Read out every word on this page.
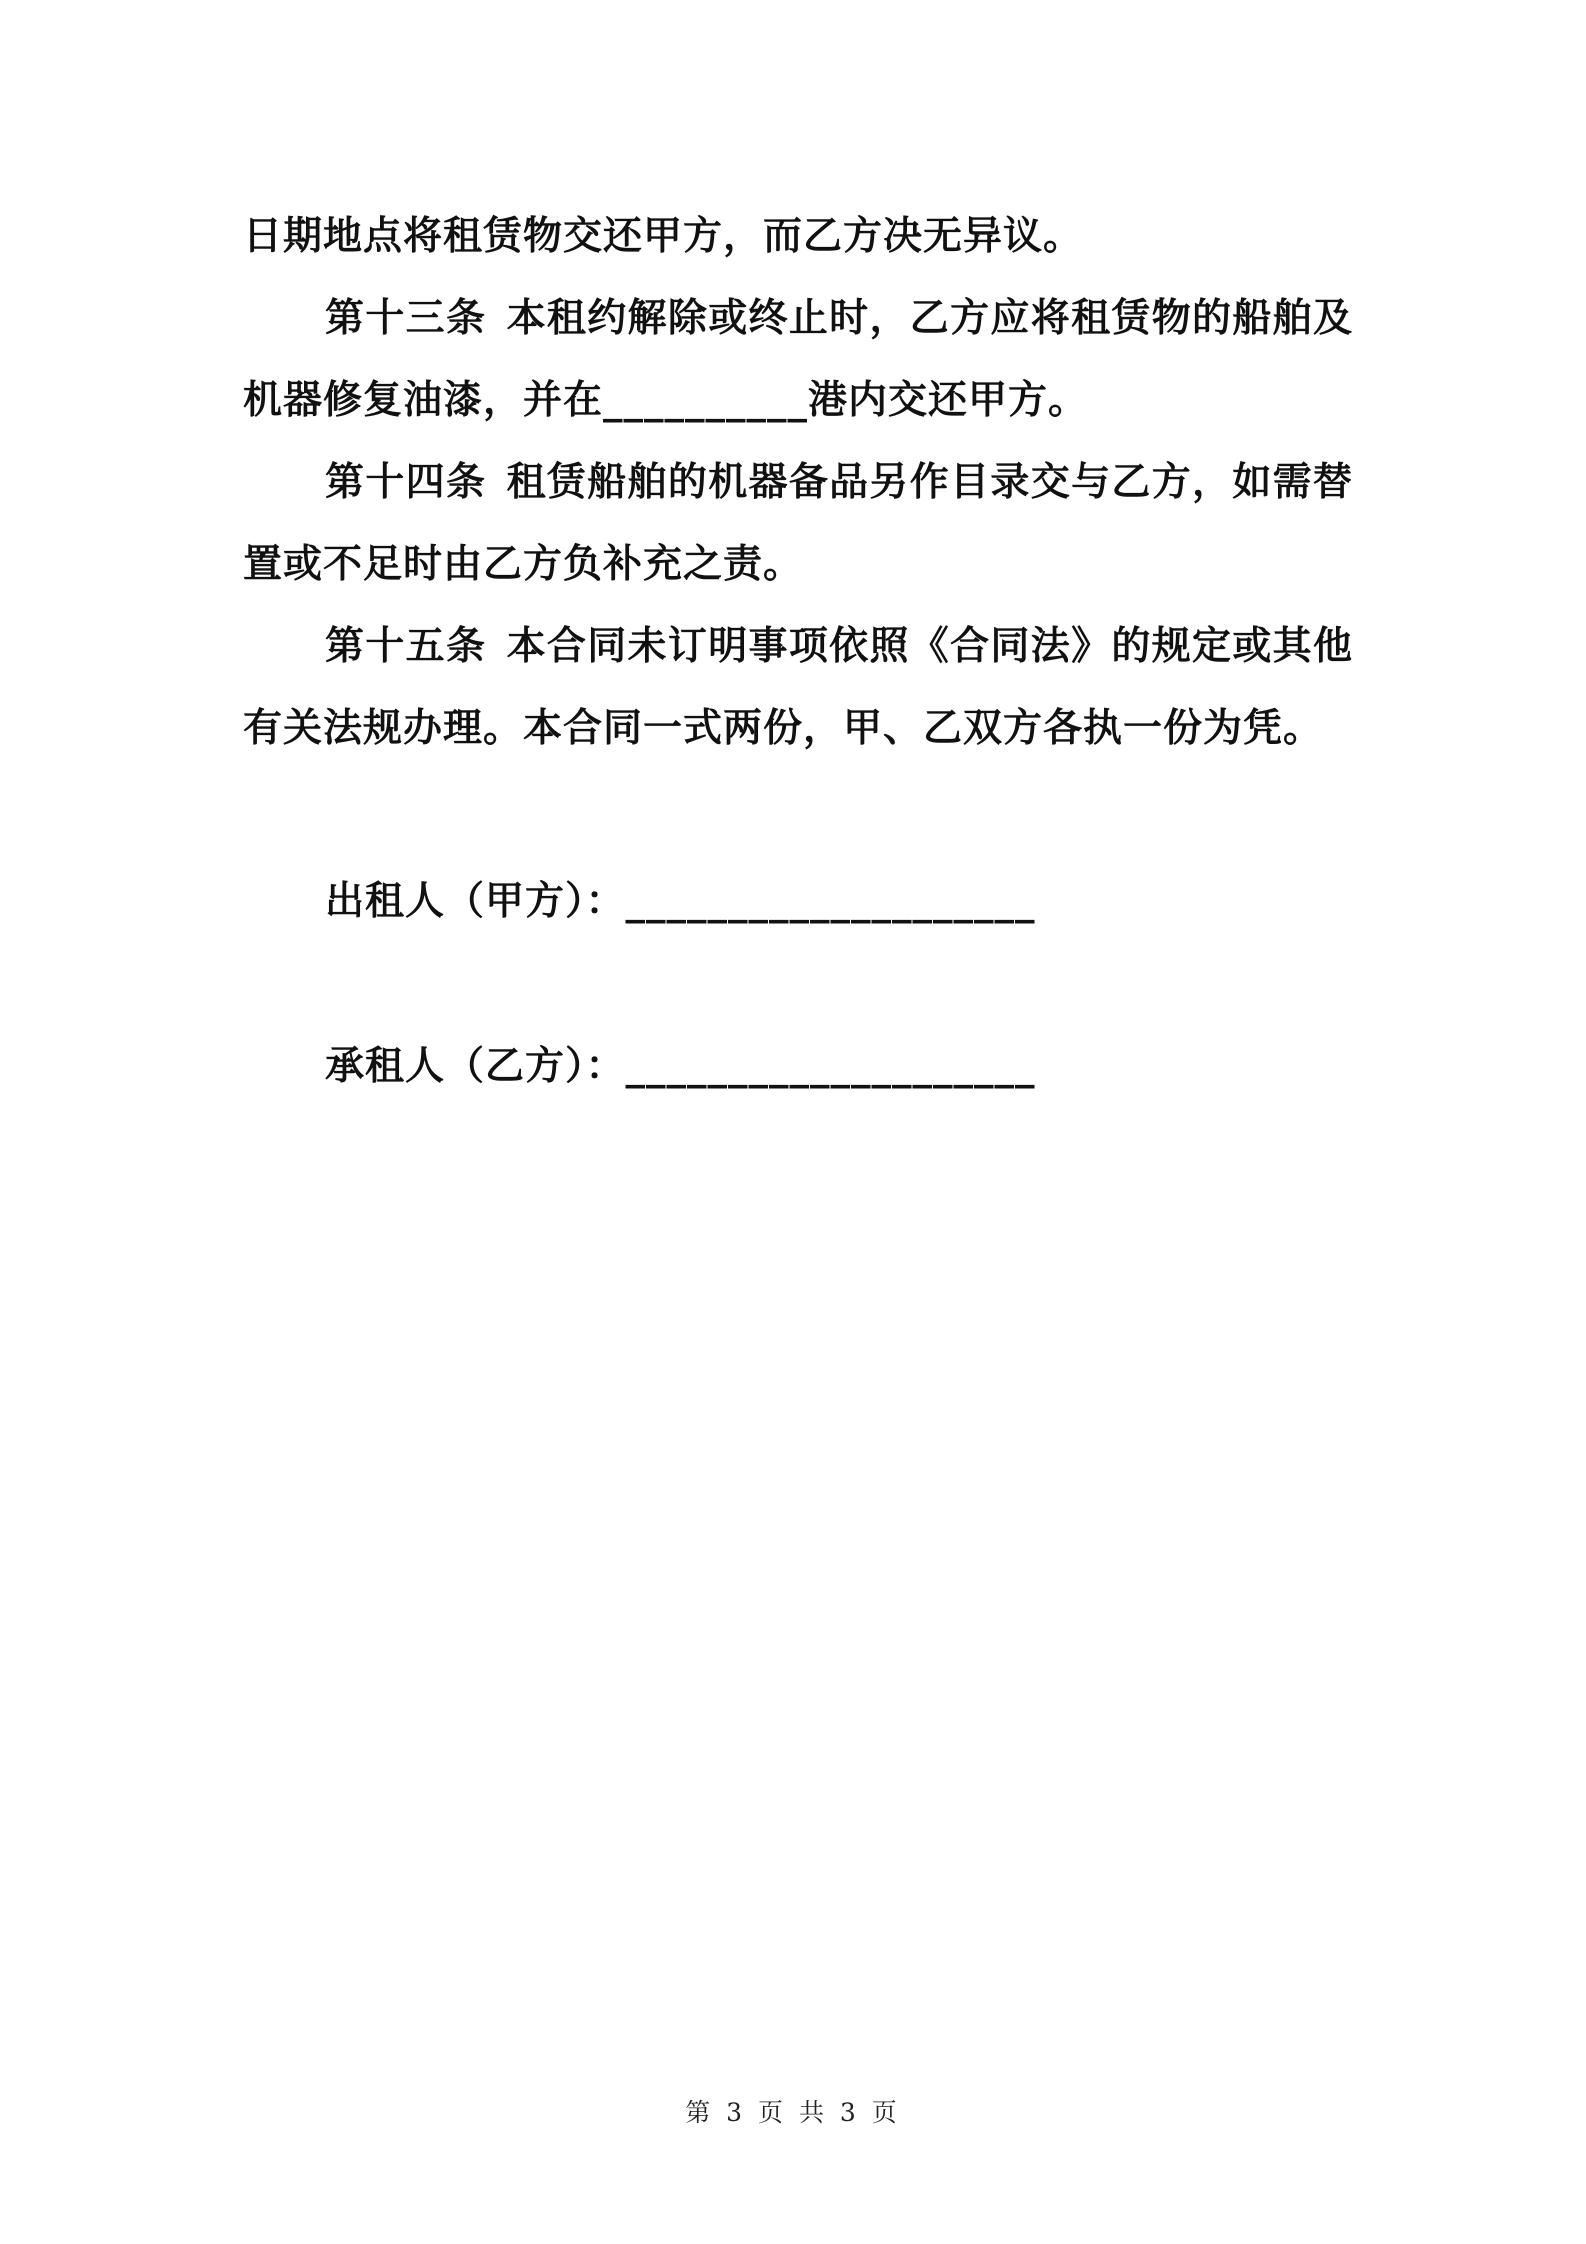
日期地点将租赁物交还甲方，而乙方决无异议。

第十三条 本租约解除或终止时，乙方应将租赁物的船舶及机器修复油漆，并在__________港内交还甲方。

第十四条 租赁船舶的机器备品另作目录交与乙方，如需替置或不足时由乙方负补充之责。

第十五条 本合同未订明事项依照《合同法》的规定或其他有关法规办理。本合同一式两份，甲、乙双方各执一份为凭。

出租人（甲方）：____________________
承租人（乙方）：____________________
第 3 页 共 3 页
